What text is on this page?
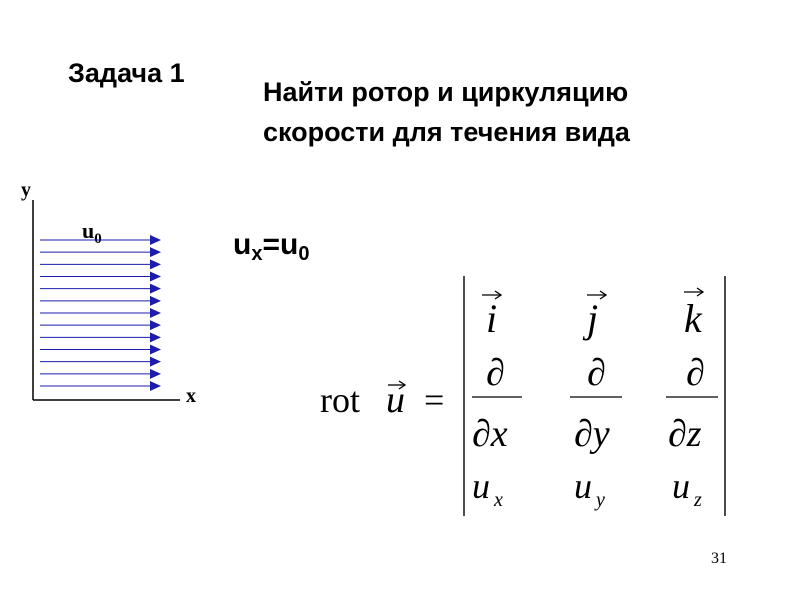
Задача 1
Найти ротор и циркуляцию
скорости для течения вида
y
x
$u_0$	$u_x=u_0$
rot u =
i j k
∂
∂x
∂
∂y
∂
∂z
u $_x$ u $_y$ u $_z$
31
